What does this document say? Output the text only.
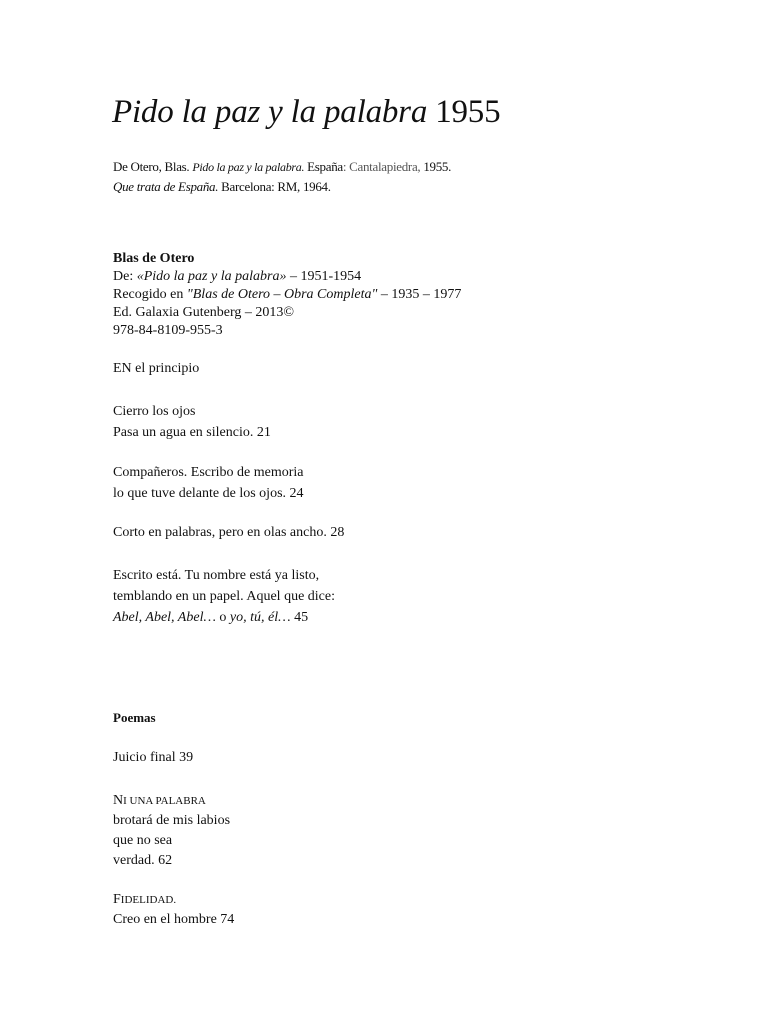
Pido la paz y la palabra 1955
De Otero, Blas. Pido la paz y la palabra. España: Cantalapiedra, 1955.
Que trata de España. Barcelona: RM, 1964.
Blas de Otero
De: «Pido la paz y la palabra» – 1951-1954
Recogido en "Blas de Otero – Obra Completa" – 1935 – 1977
Ed. Galaxia Gutenberg – 2013©
978-84-8109-955-3
EN el principio
Cierro los ojos
Pasa un agua en silencio. 21
Compañeros. Escribo de memoria
lo que tuve delante de los ojos. 24
Corto en palabras, pero en olas ancho. 28
Escrito está. Tu nombre está ya listo,
temblando en un papel. Aquel que dice:
Abel, Abel, Abel… o yo, tú, él… 45
Poemas
Juicio final 39
NI UNA PALABRA
brotará de mis labios
que no sea
verdad. 62
FIDELIDAD.
Creo en el hombre 74
